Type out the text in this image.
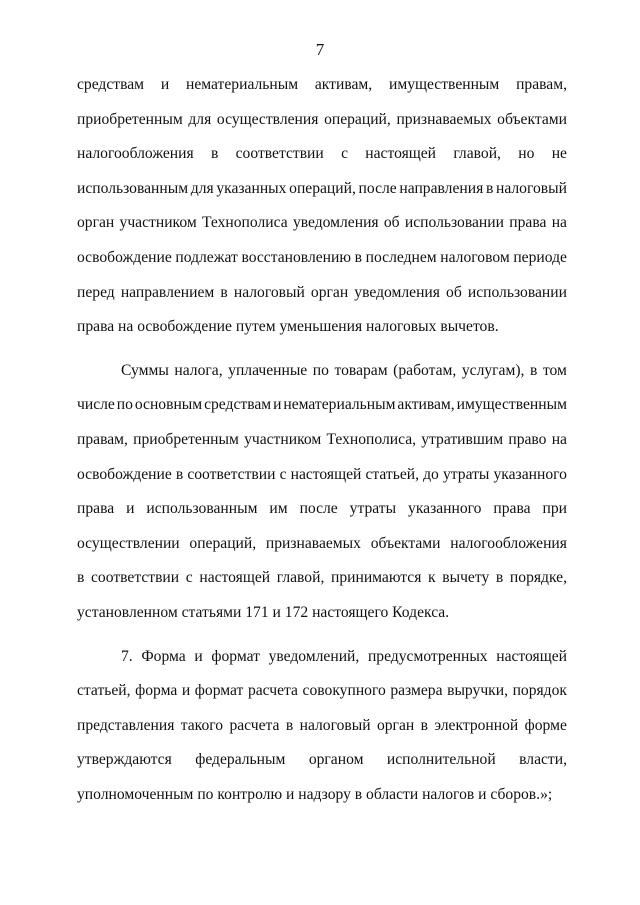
7
средствам и нематериальным активам, имущественным правам,
приобретенным для осуществления операций, признаваемых объектами
налогообложения в соответствии с настоящей главой, но не
использованным для указанных операций, после направления в налоговый
орган участником Технополиса уведомления об использовании права на
освобождение подлежат восстановлению в последнем налоговом периоде
перед направлением в налоговый орган уведомления об использовании
права на освобождение путем уменьшения налоговых вычетов.
Суммы налога, уплаченные по товарам (работам, услугам), в том
числе по основным средствам и нематериальным активам, имущественным
правам, приобретенным участником Технополиса, утратившим право на
освобождение в соответствии с настоящей статьей, до утраты указанного
права и использованным им после утраты указанного права при
осуществлении операций, признаваемых объектами налогообложения
в соответствии с настоящей главой, принимаются к вычету в порядке,
установленном статьями 171 и 172 настоящего Кодекса.
7. Форма и формат уведомлений, предусмотренных настоящей
статьей, форма и формат расчета совокупного размера выручки, порядок
представления такого расчета в налоговый орган в электронной форме
утверждаются федеральным органом исполнительной власти,
уполномоченным по контролю и надзору в области налогов и сборов.»;
